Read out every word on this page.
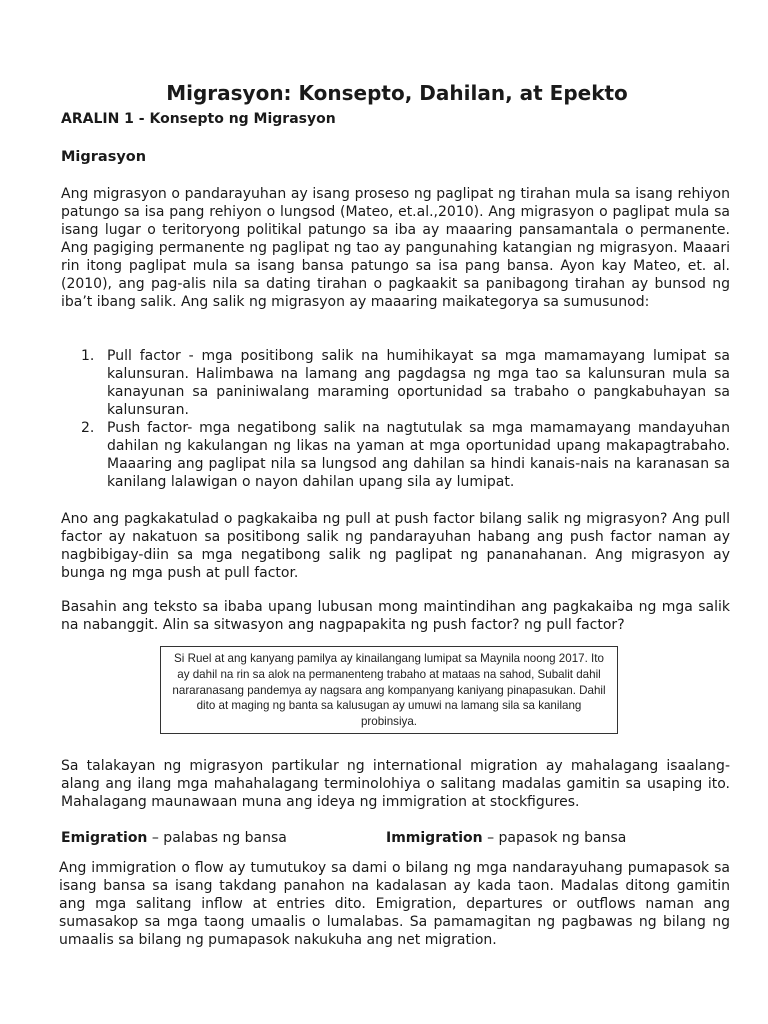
Migrasyon: Konsepto, Dahilan, at Epekto
ARALIN 1 - Konsepto ng Migrasyon
Migrasyon

Ang migrasyon o pandarayuhan ay isang proseso ng paglipat ng tirahan mula sa isang rehiyon patungo sa isa pang rehiyon o lungsod (Mateo, et.al.,2010). Ang migrasyon o paglipat mula sa isang lugar o teritoryong politikal patungo sa iba ay maaaring pansamantala o permanente. Ang pagiging permanente ng paglipat ng tao ay pangunahing katangian ng migrasyon. Maaari rin itong paglipat mula sa isang bansa patungo sa isa pang bansa. Ayon kay Mateo, et. al. (2010), ang pag-alis nila sa dating tirahan o pagkaakit sa panibagong tirahan ay bunsod ng iba’t ibang salik. Ang salik ng migrasyon ay maaaring maikategorya sa sumusunod:

1. Pull factor - mga positibong salik na humihikayat sa mga mamamayang lumipat sa kalunsuran. Halimbawa na lamang ang pagdagsa ng mga tao sa kalunsuran mula sa kanayunan sa paniniwalang maraming oportunidad sa trabaho o pangkabuhayan sa kalunsuran.
2. Push factor- mga negatibong salik na nagtutulak sa mga mamamayang mandayuhan dahilan ng kakulangan ng likas na yaman at mga oportunidad upang makapagtrabaho. Maaaring ang paglipat nila sa lungsod ang dahilan sa hindi kanais-nais na karanasan sa kanilang lalawigan o nayon dahilan upang sila ay lumipat.

Ano ang pagkakatulad o pagkakaiba ng pull at push factor bilang salik ng migrasyon? Ang pull factor ay nakatuon sa positibong salik ng pandarayuhan habang ang push factor naman ay nagbibigay-diin sa mga negatibong salik ng paglipat ng pananahanan. Ang migrasyon ay bunga ng mga push at pull factor.

Basahin ang teksto sa ibaba upang lubusan mong maintindihan ang pagkakaiba ng mga salik na nabanggit. Alin sa sitwasyon ang nagpapakita ng push factor? ng pull factor?

Si Ruel at ang kanyang pamilya ay kinailangang lumipat sa Maynila noong 2017. Ito ay dahil na rin sa alok na permanenteng trabaho at mataas na sahod, Subalit dahil nararanasang pandemya ay nagsara ang kompanyang kaniyang pinapasukan. Dahil dito at maging ng banta sa kalusugan ay umuwi na lamang sila sa kanilang probinsiya.

Sa talakayan ng migrasyon partikular ng international migration ay mahalagang isaalang-alang ang ilang mga mahahalagang terminolohiya o salitang madalas gamitin sa usaping ito. Mahalagang maunawaan muna ang ideya ng immigration at stockfigures.

Emigration – palabas ng bansa	Immigration – papasok ng bansa

Ang immigration o flow ay tumutukoy sa dami o bilang ng mga nandarayuhang pumapasok sa isang bansa sa isang takdang panahon na kadalasan ay kada taon. Madalas ditong gamitin ang mga salitang inflow at entries dito. Emigration, departures or outflows naman ang sumasakop sa mga taong umaalis o lumalabas. Sa pamamagitan ng pagbawas ng bilang ng umaalis sa bilang ng pumapasok nakukuha ang net migration.
